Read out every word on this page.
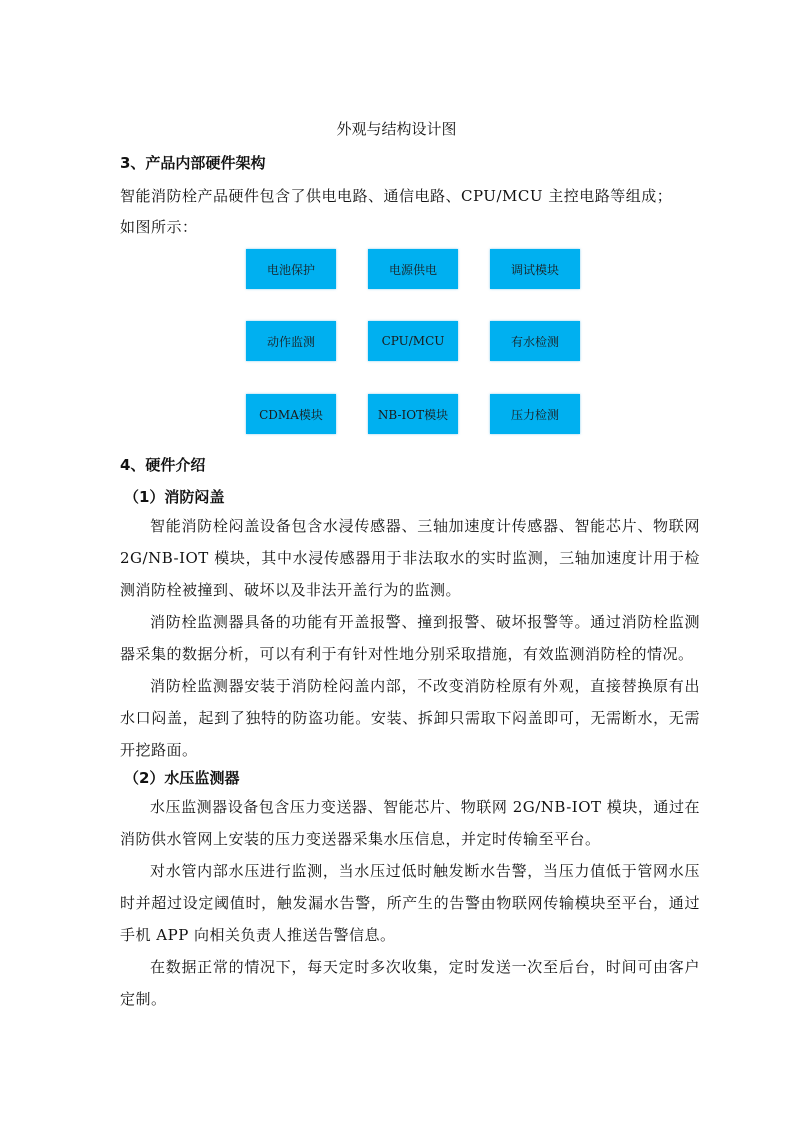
外观与结构设计图
3、产品内部硬件架构
智能消防栓产品硬件包含了供电电路、通信电路、CPU/MCU 主控电路等组成；
如图所示：
电池保护	电源供电	调试模块
动作监测	CPU/MCU	有水检测
CDMA模块	NB-IOT模块	压力检测
4、硬件介绍
（1）消防闷盖
智能消防栓闷盖设备包含水浸传感器、三轴加速度计传感器、智能芯片、物联网 2G/NB-IOT 模块，其中水浸传感器用于非法取水的实时监测，三轴加速度计用于检测消防栓被撞到、破坏以及非法开盖行为的监测。
消防栓监测器具备的功能有开盖报警、撞到报警、破坏报警等。通过消防栓监测器采集的数据分析，可以有利于有针对性地分别采取措施，有效监测消防栓的情况。
消防栓监测器安装于消防栓闷盖内部，不改变消防栓原有外观，直接替换原有出水口闷盖，起到了独特的防盗功能。安装、拆卸只需取下闷盖即可，无需断水，无需开挖路面。
（2）水压监测器
水压监测器设备包含压力变送器、智能芯片、物联网 2G/NB-IOT 模块，通过在消防供水管网上安装的压力变送器采集水压信息，并定时传输至平台。
对水管内部水压进行监测，当水压过低时触发断水告警，当压力值低于管网水压时并超过设定阈值时，触发漏水告警，所产生的告警由物联网传输模块至平台，通过手机 APP 向相关负责人推送告警信息。
在数据正常的情况下，每天定时多次收集，定时发送一次至后台，时间可由客户定制。
